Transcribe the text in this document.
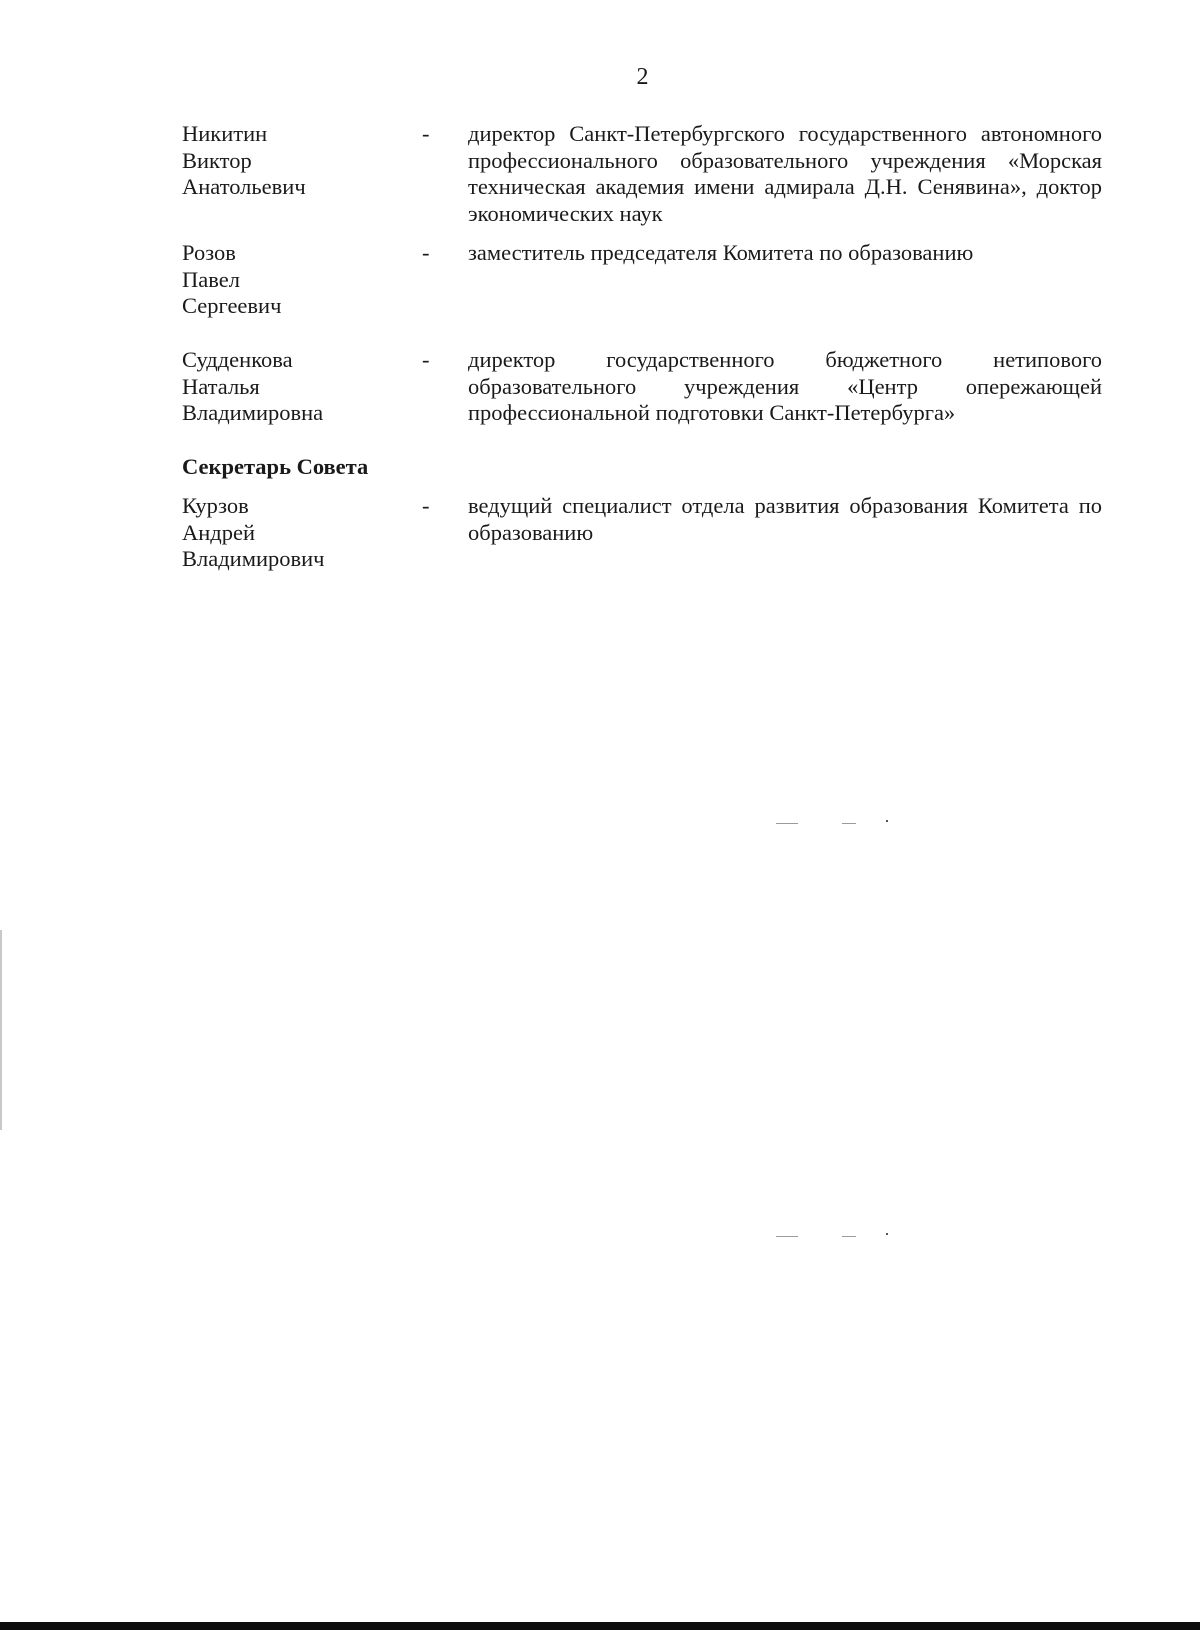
2
Никитин
Виктор
Анатольевич
- директор Санкт-Петербургского государственного автономного профессионального образовательного учреждения «Морская техническая академия имени адмирала Д.Н. Сенявина», доктор экономических наук
Розов
Павел
Сергеевич
- заместитель председателя Комитета по образованию
Судденкова
Наталья
Владимировна
- директор государственного бюджетного нетипового образовательного учреждения «Центр опережающей профессиональной подготовки Санкт-Петербурга»
Секретарь Совета
Курзов
Андрей
Владимирович
- ведущий специалист отдела развития образования Комитета по образованию
